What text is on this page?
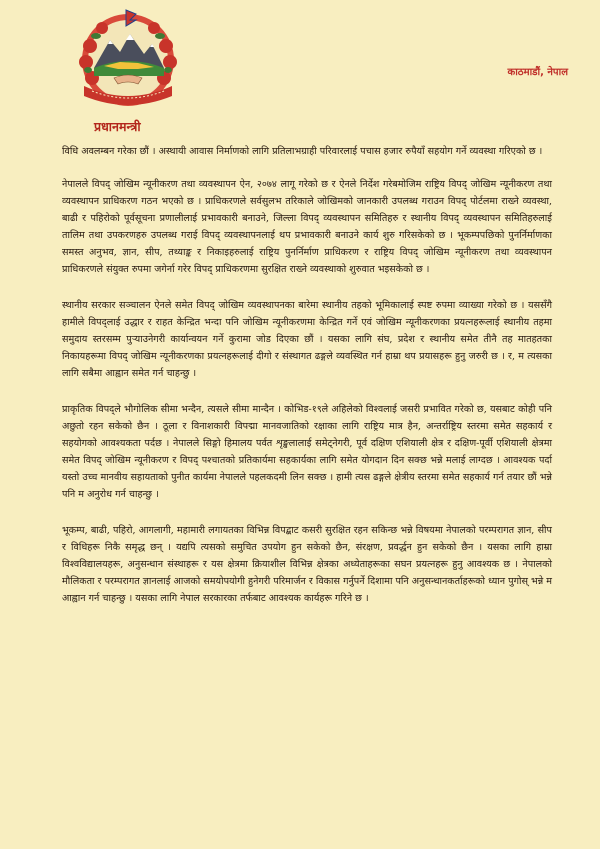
प्रधानमन्त्री
काठमाडौं, नेपाल

विधि अवलम्बन गरेका छौं । अस्थायी आवास निर्माणको लागि प्रतिलाभग्राही परिवारलाई पचास हजार रुपैयाँ सहयोग गर्ने व्यवस्था गरिएको छ ।

नेपालले विपद् जोखिम न्यूनीकरण तथा व्यवस्थापन ऐन, २०७४ लागू गरेको छ र ऐनले निर्देश गरेबमोजिम राष्ट्रिय विपद् जोखिम न्यूनीकरण तथा व्यवस्थापन प्राधिकरण गठन भएको छ । प्राधिकरणले सर्वसुलभ तरिकाले जोखिमको जानकारी उपलब्ध गराउन विपद् पोर्टलमा राख्ने व्यवस्था, बाढी र पहिरोको पूर्वसूचना प्रणालीलाई प्रभावकारी बनाउने, जिल्ला विपद् व्यवस्थापन समितिहरु र स्थानीय विपद् व्यवस्थापन समितिहरुलाई तालिम तथा उपकरणहरु उपलब्ध गराई विपद् व्यवस्थापनलाई थप प्रभावकारी बनाउने कार्य शुरु गरिसकेको छ । भूकम्पपछिको पुनर्निर्माणका समस्त अनुभव, ज्ञान, सीप, तथ्याङ्क र निकाइहरुलाई राष्ट्रिय पुनर्निर्माण प्राधिकरण र राष्ट्रिय विपद् जोखिम न्यूनीकरण तथा व्यवस्थापन प्राधिकरणले संयुक्त रुपमा जगेर्ना गरेर विपद् प्राधिकरणमा सुरक्षित राख्ने व्यवस्थाको शुरुवात भइसकेको छ ।

स्थानीय सरकार सञ्चालन ऐनले समेत विपद् जोखिम व्यवस्थापनका बारेमा स्थानीय तहको भूमिकालाई स्पष्ट रुपमा व्याख्या गरेको छ । यससँगै हामीले विपद्लाई उद्धार र राहत केन्द्रित भन्दा पनि जोखिम न्यूनीकरणमा केन्द्रित गर्ने एवं जोखिम न्यूनीकरणका प्रयत्नहरूलाई स्थानीय तहमा समुदाय स्तरसम्म पुऱ्याउनेगरी कार्यान्वयन गर्ने कुरामा जोड दिएका छौं । यसका लागि संघ, प्रदेश र स्थानीय समेत तीनै तह मातहतका निकायहरूमा विपद् जोखिम न्यूनीकरणका प्रयत्नहरूलाई दीगो र संस्थागत ढङ्गले व्यवस्थित गर्न हाम्रा थप प्रयासहरू हुनु जरुरी छ । र, म त्यसका लागि सबैमा आह्वान समेत गर्न चाहन्छु ।

प्राकृतिक विपद्ले भौगोलिक सीमा भन्दैन, त्यसले सीमा मान्दैन । कोभिड-१९ले अहिलेको विश्वलाई जसरी प्रभावित गरेको छ, यसबाट कोही पनि अछुतो रहन सकेको छैन । ठूला र विनाशकारी विपद्मा मानवजातिको रक्षाका लागि राष्ट्रिय मात्र हैन, अन्तर्राष्ट्रिय स्तरमा समेत सहकार्य र सहयोगको आवश्यकता पर्दछ । नेपालले सिङ्गो हिमालय पर्वत शृङ्खलालाई समेट्नेगरी, पूर्व दक्षिण एशियाली क्षेत्र र दक्षिण-पूर्वी एशियाली क्षेत्रमा समेत विपद् जोखिम न्यूनीकरण र विपद् पश्चातको प्रतिकार्यमा सहकार्यका लागि समेत योगदान दिन सक्छ भन्ने मलाई लाग्दछ । आवश्यक पर्दा यस्तो उच्च मानवीय सहायताको पुनीत कार्यमा नेपालले पहलकदमी लिन सक्छ । हामी त्यस ढङ्गले क्षेत्रीय स्तरमा समेत सहकार्य गर्न तयार छौं भन्ने पनि म अनुरोध गर्न चाहन्छु ।

भूकम्प, बाढी, पहिरो, आगलागी, महामारी लगायतका विभिन्न विपद्बाट कसरी सुरक्षित रहन सकिन्छ भन्ने विषयमा नेपालको परम्परागत ज्ञान, सीप र विधिहरू निकै समृद्ध छन् । यद्यपि त्यसको समुचित उपयोग हुन सकेको छैन, संरक्षण, प्रवर्द्धन हुन सकेको छैन । यसका लागि हाम्रा विश्वविद्यालयहरू, अनुसन्धान संस्थाहरू र यस क्षेत्रमा क्रियाशील विभिन्न क्षेत्रका अध्येताहरूका सघन प्रयत्नहरू हुनु आवश्यक छ । नेपालको मौलिकता र परम्परागत ज्ञानलाई आजको समयोपयोगी हुनेगरी परिमार्जन र विकास गर्नुपर्ने दिशामा पनि अनुसन्धानकर्ताहरूको ध्यान पुगोस् भन्ने म आह्वान गर्न चाहन्छु । यसका लागि नेपाल सरकारका तर्फबाट आवश्यक कार्यहरू गरिने छ ।
